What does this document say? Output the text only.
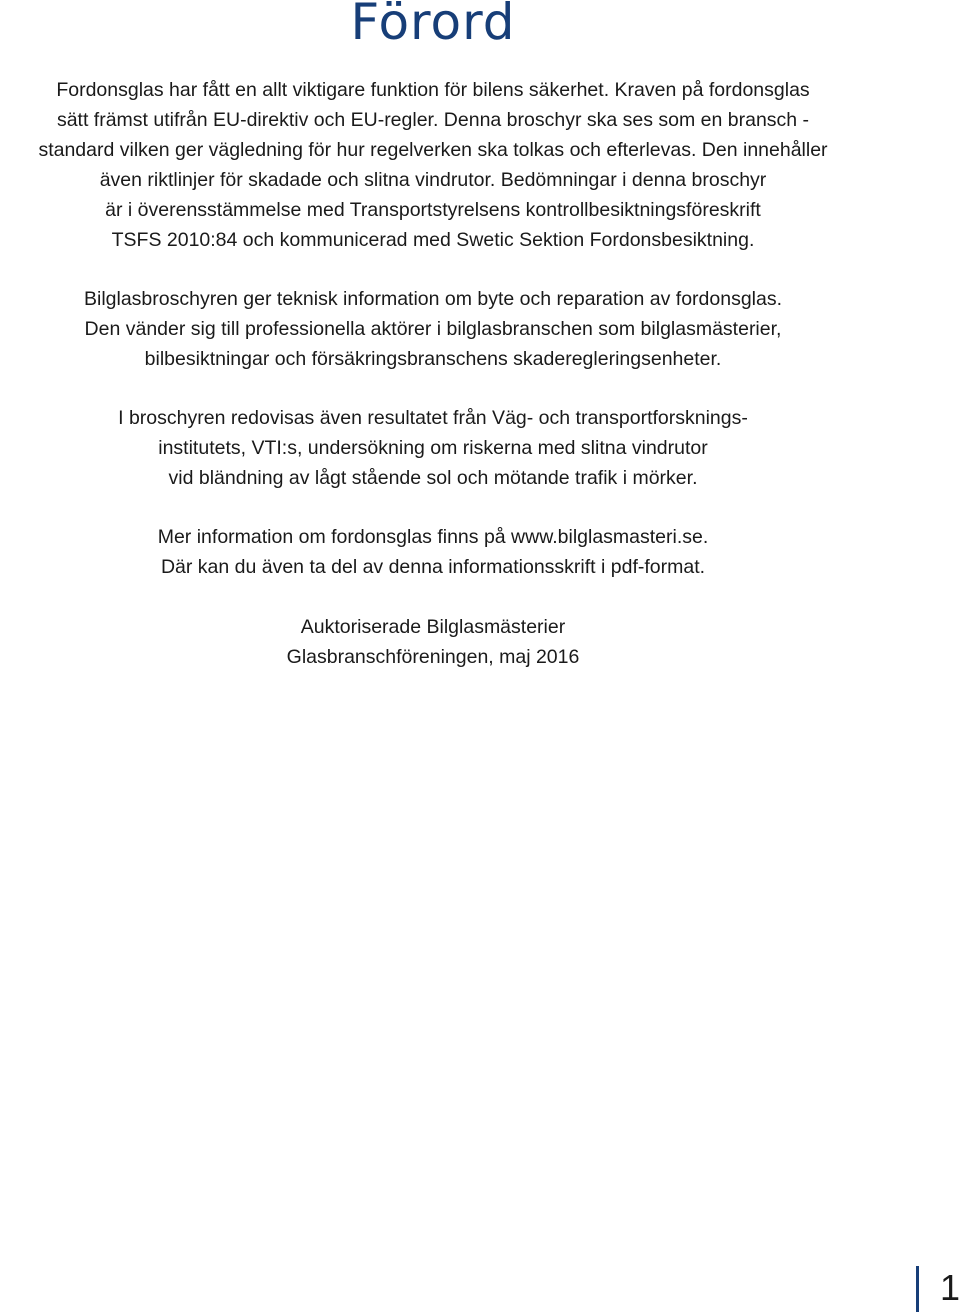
Förord

Fordonsglas har fått en allt viktigare funktion för bilens säkerhet. Kraven på fordonsglas
sätt främst utifrån EU-direktiv och EU-regler. Denna broschyr ska ses som en bransch -
standard vilken ger vägledning för hur regelverken ska tolkas och efterlevas. Den innehåller
även riktlinjer för skadade och slitna vindrutor. Bedömningar i denna broschyr
är i överensstämmelse med Transportstyrelsens kontrollbesiktningsföreskrift
TSFS 2010:84 och kommunicerad med Swetic Sektion Fordonsbesiktning.

Bilglasbroschyren ger teknisk information om byte och reparation av fordonsglas.
Den vänder sig till professionella aktörer i bilglasbranschen som bilglasmästerier,
bilbesiktningar och försäkringsbranschens skaderegleringsenheter.

I broschyren redovisas även resultatet från Väg- och transportforsknings-
institutets, VTI:s, undersökning om riskerna med slitna vindrutor
vid bländning av lågt stående sol och mötande trafik i mörker.

Mer information om fordonsglas finns på www.bilglasmasteri.se.
Där kan du även ta del av denna informationsskrift i pdf-format.

Auktoriserade Bilglasmästerier
Glasbranschföreningen, maj 2016

1
